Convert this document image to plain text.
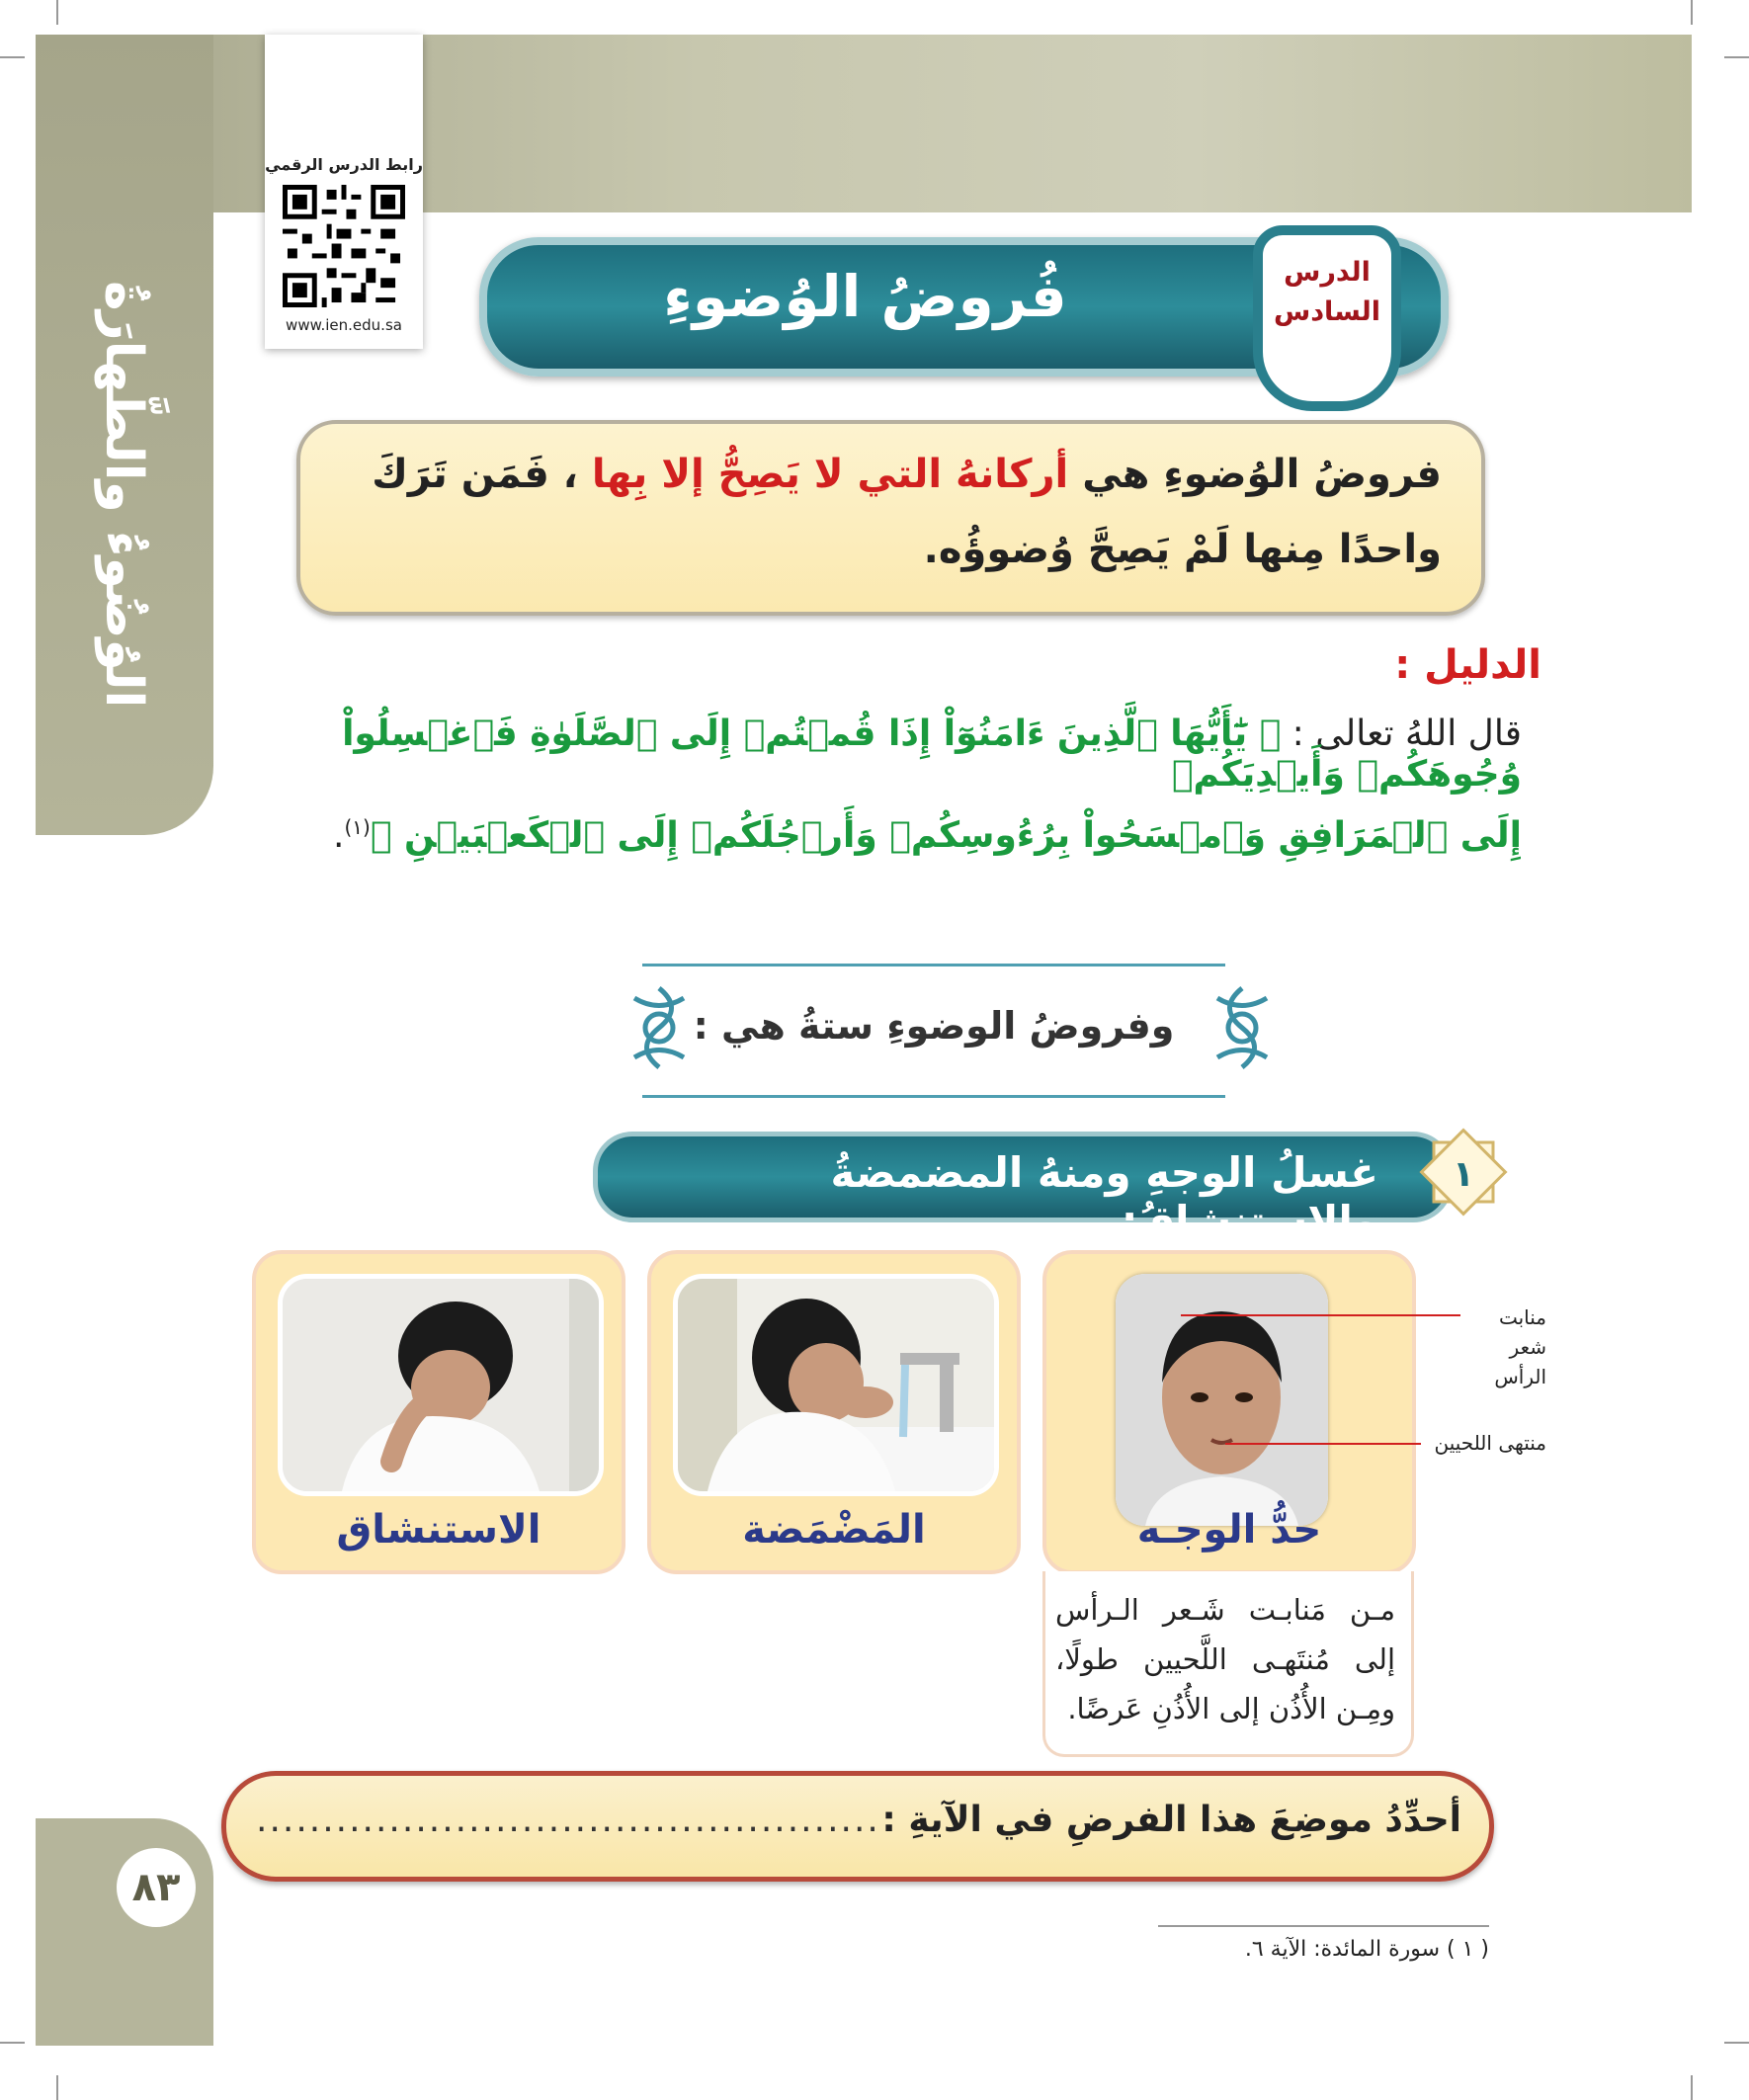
الوُضُوءُ والطَّهارَةُ
٨٣
رابط الدرس الرقمي
www.ien.edu.sa	فُروضُ الوُضوءِ	الدرس
السادس
فروضُ الوُضوءِ هي أركانهُ التي لا يَصِحُّ إلا بِها ، فَمَن تَرَكَ
واحدًا مِنها لَمْ يَصِحَّ وُضوؤُه.
الدليل :
قال اللهُ تعالى : ﴿ يَٰٓأَيُّهَا ٱلَّذِينَ ءَامَنُوٓاْ إِذَا قُمۡتُمۡ إِلَى ٱلصَّلَوٰةِ فَٱغۡسِلُواْ وُجُوهَكُمۡ وَأَيۡدِيَكُمۡ
إِلَى ٱلۡمَرَافِقِ وَٱمۡسَحُواْ بِرُءُوسِكُمۡ وَأَرۡجُلَكُمۡ إِلَى ٱلۡكَعۡبَيۡنِ ﴾$^{(١)}$.
وفروضُ الوضوءِ ستةُ هي :
غسلُ الوجهِ ومنهُ المضمضةُ والاستنشاقُ:
١
حدُّ الوجـه
المَضْمَضة
الاستنشاق
منابت شعر
الرأس
منتهى اللحيين
مـن مَنابـت شَـعر الـرأس إلى مُنتَهـى اللَّحيين طولًا، ومِـن الأُذُن إلى الأُذُنِ عَرضًا.
أحدِّدُ موضِعَ هذا الفرضِ في الآيةِ :
...............................................
( ١ ) سورة المائدة: الآية ٦.
